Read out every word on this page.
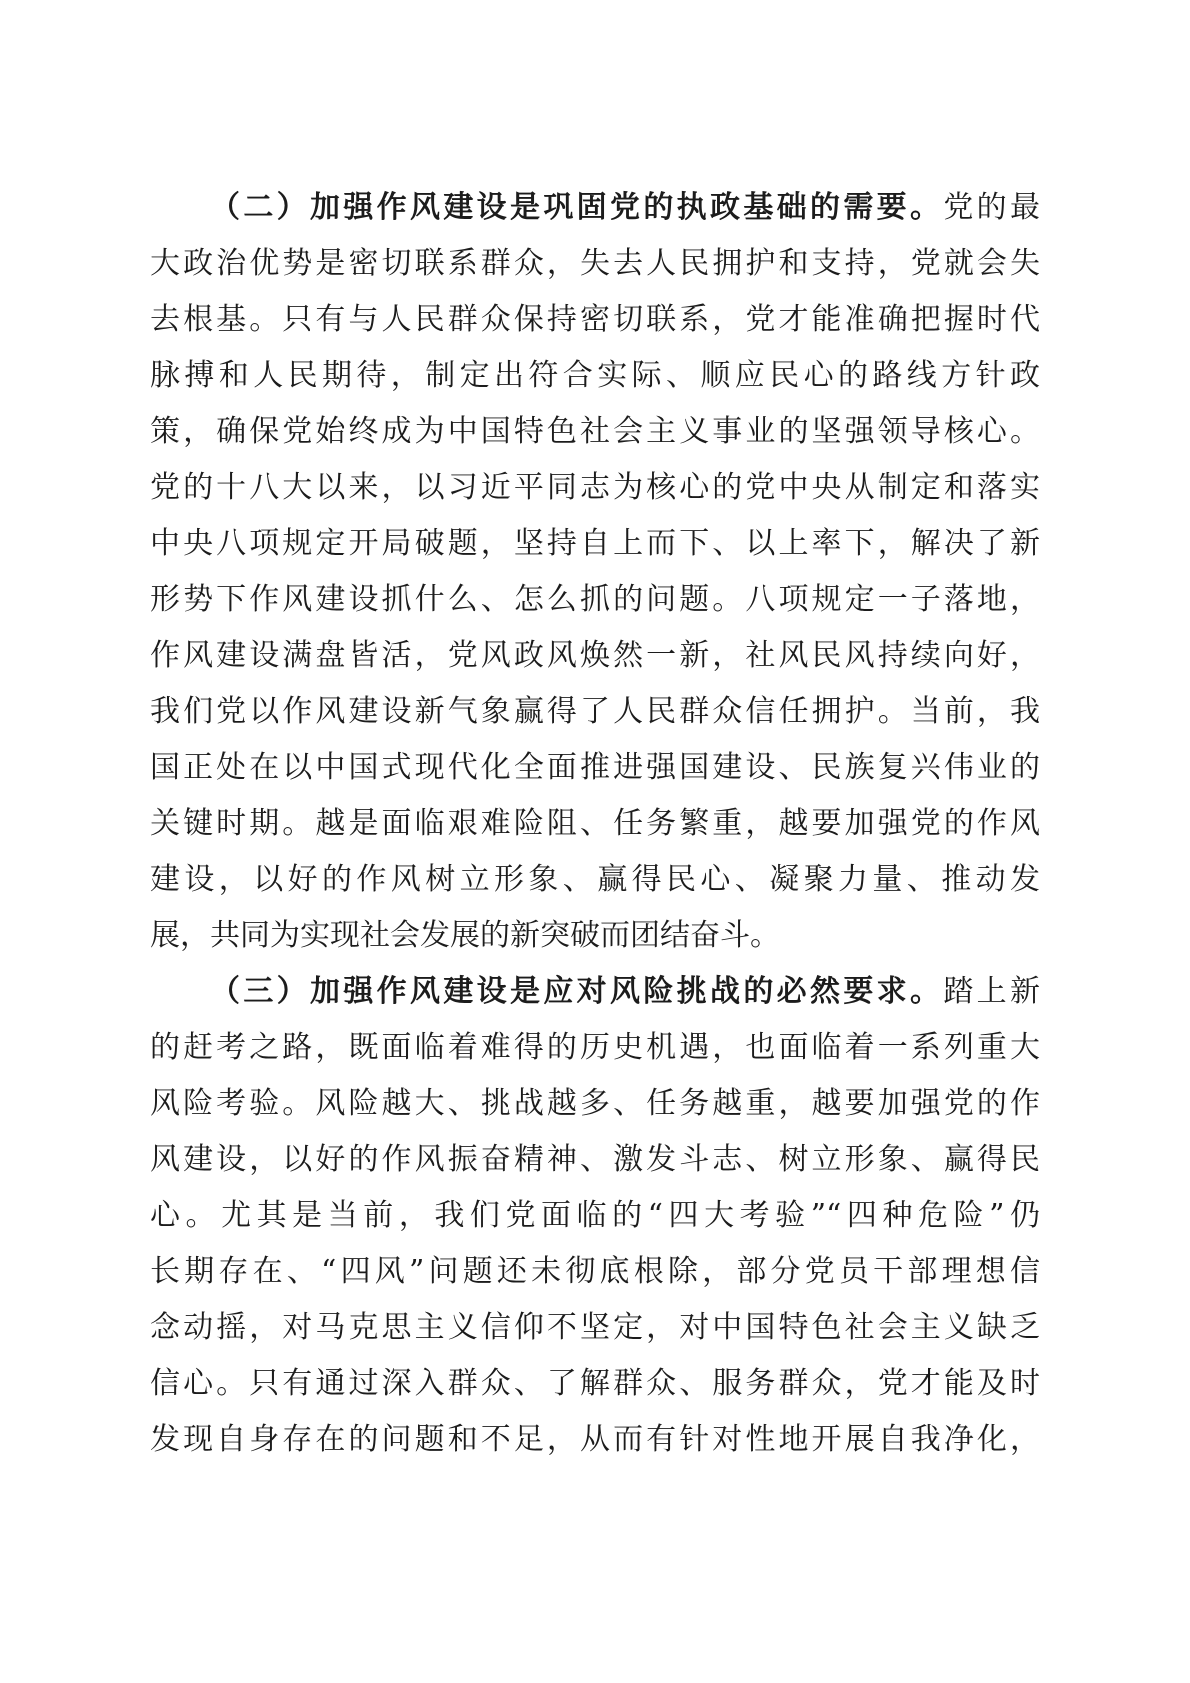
（二）加强作风建设是巩固党的执政基础的需要。党的最
大政治优势是密切联系群众，失去人民拥护和支持，党就会失
去根基。只有与人民群众保持密切联系，党才能准确把握时代
脉搏和人民期待，制定出符合实际、顺应民心的路线方针政
策，确保党始终成为中国特色社会主义事业的坚强领导核心。
党的十八大以来，以习近平同志为核心的党中央从制定和落实
中央八项规定开局破题，坚持自上而下、以上率下，解决了新
形势下作风建设抓什么、怎么抓的问题。八项规定一子落地，
作风建设满盘皆活，党风政风焕然一新，社风民风持续向好，
我们党以作风建设新气象赢得了人民群众信任拥护。当前，我
国正处在以中国式现代化全面推进强国建设、民族复兴伟业的
关键时期。越是面临艰难险阻、任务繁重，越要加强党的作风
建设，以好的作风树立形象、赢得民心、凝聚力量、推动发
展，共同为实现社会发展的新突破而团结奋斗。
（三）加强作风建设是应对风险挑战的必然要求。踏上新
的赶考之路，既面临着难得的历史机遇，也面临着一系列重大
风险考验。风险越大、挑战越多、任务越重，越要加强党的作
风建设，以好的作风振奋精神、激发斗志、树立形象、赢得民
心。尤其是当前，我们党面临的“四大考验”“四种危险”仍
长期存在、“四风”问题还未彻底根除，部分党员干部理想信
念动摇，对马克思主义信仰不坚定，对中国特色社会主义缺乏
信心。只有通过深入群众、了解群众、服务群众，党才能及时
发现自身存在的问题和不足，从而有针对性地开展自我净化，
